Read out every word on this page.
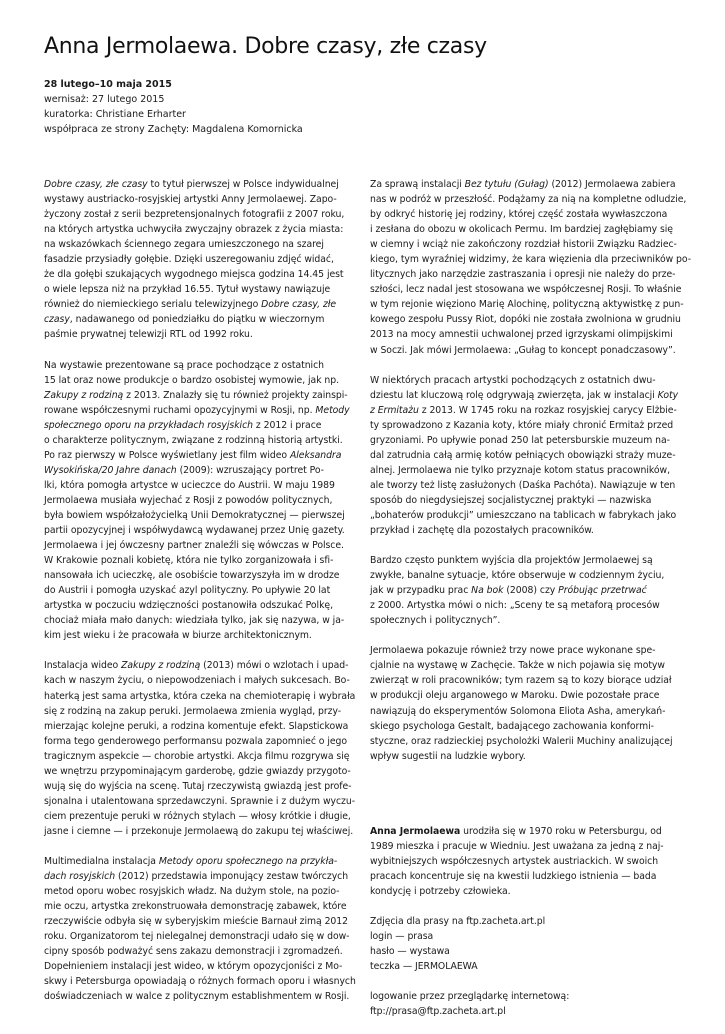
Anna Jermolaewa. Dobre czasy, złe czasy
28 lutego–10 maja 2015
wernisaż: 27 lutego 2015
kuratorka: Christiane Erharter
współpraca ze strony Zachęty: Magdalena Komornicka

Dobre czasy, złe czasy to tytuł pierwszej w Polsce indywidualnej
wystawy austriacko-rosyjskiej artystki Anny Jermolaewej. Zapo-
życzony został z serii bezpretensjonalnych fotografii z 2007 roku,
na których artystka uchwyciła zwyczajny obrazek z życia miasta:
na wskazówkach ściennego zegara umieszczonego na szarej
fasadzie przysiadły gołębie. Dzięki uszeregowaniu zdjęć widać,
że dla gołębi szukających wygodnego miejsca godzina 14.45 jest
o wiele lepsza niż na przykład 16.55. Tytuł wystawy nawiązuje
również do niemieckiego serialu telewizyjnego Dobre czasy, złe
czasy, nadawanego od poniedziałku do piątku w wieczornym
paśmie prywatnej telewizji RTL od 1992 roku.

Na wystawie prezentowane są prace pochodzące z ostatnich
15 lat oraz nowe produkcje o bardzo osobistej wymowie, jak np.
Zakupy z rodziną z 2013. Znalazły się tu również projekty zainspi-
rowane współczesnymi ruchami opozycyjnymi w Rosji, np. Metody
społecznego oporu na przykładach rosyjskich z 2012 i prace
o charakterze politycznym, związane z rodzinną historią artystki.
Po raz pierwszy w Polsce wyświetlany jest film wideo Aleksandra
Wysokińska/20 Jahre danach (2009): wzruszający portret Po-
lki, która pomogła artystce w ucieczce do Austrii. W maju 1989
Jermolaewa musiała wyjechać z Rosji z powodów politycznych,
była bowiem współzałożycielką Unii Demokratycznej — pierwszej
partii opozycyjnej i współwydawcą wydawanej przez Unię gazety.
Jermolaewa i jej ówczesny partner znaleźli się wówczas w Polsce.
W Krakowie poznali kobietę, która nie tylko zorganizowała i sfi-
nansowała ich ucieczkę, ale osobiście towarzyszyła im w drodze
do Austrii i pomogła uzyskać azyl polityczny. Po upływie 20 lat
artystka w poczuciu wdzięczności postanowiła odszukać Polkę,
chociaż miała mało danych: wiedziała tylko, jak się nazywa, w ja-
kim jest wieku i że pracowała w biurze architektonicznym.

Instalacja wideo Zakupy z rodziną (2013) mówi o wzlotach i upad-
kach w naszym życiu, o niepowodzeniach i małych sukcesach. Bo-
haterką jest sama artystka, która czeka na chemioterapię i wybrała
się z rodziną na zakup peruki. Jermolaewa zmienia wygląd, przy-
mierzając kolejne peruki, a rodzina komentuje efekt. Slapstickowa
forma tego genderowego performansu pozwala zapomnieć o jego
tragicznym aspekcie — chorobie artystki. Akcja filmu rozgrywa się
we wnętrzu przypominającym garderobę, gdzie gwiazdy przygoto-
wują się do wyjścia na scenę. Tutaj rzeczywistą gwiazdą jest profe-
sjonalna i utalentowana sprzedawczyni. Sprawnie i z dużym wyczu-
ciem prezentuje peruki w różnych stylach — włosy krótkie i długie,
jasne i ciemne — i przekonuje Jermolaewą do zakupu tej właściwej.

Multimedialna instalacja Metody oporu społecznego na przykła-
dach rosyjskich (2012) przedstawia imponujący zestaw twórczych
metod oporu wobec rosyjskich władz. Na dużym stole, na pozio-
mie oczu, artystka zrekonstruowała demonstrację zabawek, które
rzeczywiście odbyła się w syberyjskim mieście Barnauł zimą 2012
roku. Organizatorom tej nielegalnej demonstracji udało się w dow-
cipny sposób podważyć sens zakazu demonstracji i zgromadzeń.
Dopełnieniem instalacji jest wideo, w którym opozycjoniści z Mo-
skwy i Petersburga opowiadają o różnych formach oporu i własnych
doświadczeniach w walce z politycznym establishmentem w Rosji.

Za sprawą instalacji Bez tytułu (Gułag) (2012) Jermolaewa zabiera
nas w podróż w przeszłość. Podążamy za nią na kompletne odludzie,
by odkryć historię jej rodziny, której część została wywłaszczona
i zesłana do obozu w okolicach Permu. Im bardziej zagłębiamy się
w ciemny i wciąż nie zakończony rozdział historii Związku Radziec-
kiego, tym wyraźniej widzimy, że kara więzienia dla przeciwników po-
litycznych jako narzędzie zastraszania i opresji nie należy do prze-
szłości, lecz nadal jest stosowana we współczesnej Rosji. To właśnie
w tym rejonie więziono Marię Alochinę, polityczną aktywistkę z pun-
kowego zespołu Pussy Riot, dopóki nie została zwolniona w grudniu
2013 na mocy amnestii uchwalonej przed igrzyskami olimpijskimi
w Soczi. Jak mówi Jermolaewa: „Gułag to koncept ponadczasowy”.

W niektórych pracach artystki pochodzących z ostatnich dwu-
dziestu lat kluczową rolę odgrywają zwierzęta, jak w instalacji Koty
z Ermitażu z 2013. W 1745 roku na rozkaz rosyjskiej carycy Elżbie-
ty sprowadzono z Kazania koty, które miały chronić Ermitaż przed
gryzoniami. Po upływie ponad 250 lat petersburskie muzeum na-
dal zatrudnia całą armię kotów pełniących obowiązki straży muze-
alnej. Jermolaewa nie tylko przyznaje kotom status pracowników,
ale tworzy też listę zasłużonych (Daśka Pachóta). Nawiązuje w ten
sposób do niegdysiejszej socjalistycznej praktyki — nazwiska
„bohaterów produkcji” umieszczano na tablicach w fabrykach jako
przykład i zachętę dla pozostałych pracowników.

Bardzo często punktem wyjścia dla projektów Jermolaewej są
zwykłe, banalne sytuacje, które obserwuje w codziennym życiu,
jak w przypadku prac Na bok (2008) czy Próbując przetrwać
z 2000. Artystka mówi o nich: „Sceny te są metaforą procesów
społecznych i politycznych”.

Jermolaewa pokazuje również trzy nowe prace wykonane spe-
cjalnie na wystawę w Zachęcie. Także w nich pojawia się motyw
zwierząt w roli pracowników; tym razem są to kozy biorące udział
w produkcji oleju arganowego w Maroku. Dwie pozostałe prace
nawiązują do eksperymentów Solomona Eliota Asha, amerykań-
skiego psychologa Gestalt, badającego zachowania konformi-
styczne, oraz radzieckiej psycholożki Walerii Muchiny analizującej
wpływ sugestii na ludzkie wybory.

Anna Jermolaewa urodziła się w 1970 roku w Petersburgu, od
1989 mieszka i pracuje w Wiedniu. Jest uważana za jedną z naj-
wybitniejszych współczesnych artystek austriackich. W swoich
pracach koncentruje się na kwestii ludzkiego istnienia — bada
kondycję i potrzeby człowieka.

Zdjęcia dla prasy na ftp.zacheta.art.pl
login — prasa
hasło — wystawa
teczka — JERMOLAEWA

logowanie przez przeglądarkę internetową:
ftp://prasa@ftp.zacheta.art.pl
